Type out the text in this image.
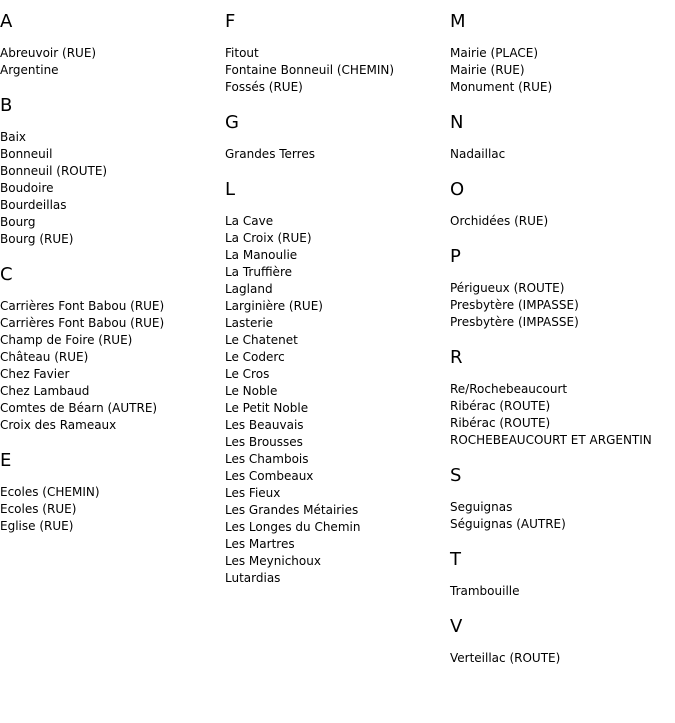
A
Abreuvoir (RUE)
Argentine
B
Baix
Bonneuil
Bonneuil (ROUTE)
Boudoire
Bourdeillas
Bourg
Bourg (RUE)
C
Carrières Font Babou (RUE)
Carrières Font Babou (RUE)
Champ de Foire (RUE)
Château (RUE)
Chez Favier
Chez Lambaud
Comtes de Béarn (AUTRE)
Croix des Rameaux
E
Ecoles (CHEMIN)
Ecoles (RUE)
Eglise (RUE)
F
Fitout
Fontaine Bonneuil (CHEMIN)
Fossés (RUE)
G
Grandes Terres
L
La Cave
La Croix (RUE)
La Manoulie
La Truffière
Lagland
Larginière (RUE)
Lasterie
Le Chatenet
Le Coderc
Le Cros
Le Noble
Le Petit Noble
Les Beauvais
Les Brousses
Les Chambois
Les Combeaux
Les Fieux
Les Grandes Métairies
Les Longes du Chemin
Les Martres
Les Meynichoux
Lutardias
M
Mairie (PLACE)
Mairie (RUE)
Monument (RUE)
N
Nadaillac
O
Orchidées (RUE)
P
Périgueux (ROUTE)
Presbytère (IMPASSE)
Presbytère (IMPASSE)
R
Re/Rochebeaucourt
Ribérac (ROUTE)
Ribérac (ROUTE)
ROCHEBEAUCOURT ET ARGENTIN
S
Seguignas
Séguignas (AUTRE)
T
Trambouille
V
Verteillac (ROUTE)
